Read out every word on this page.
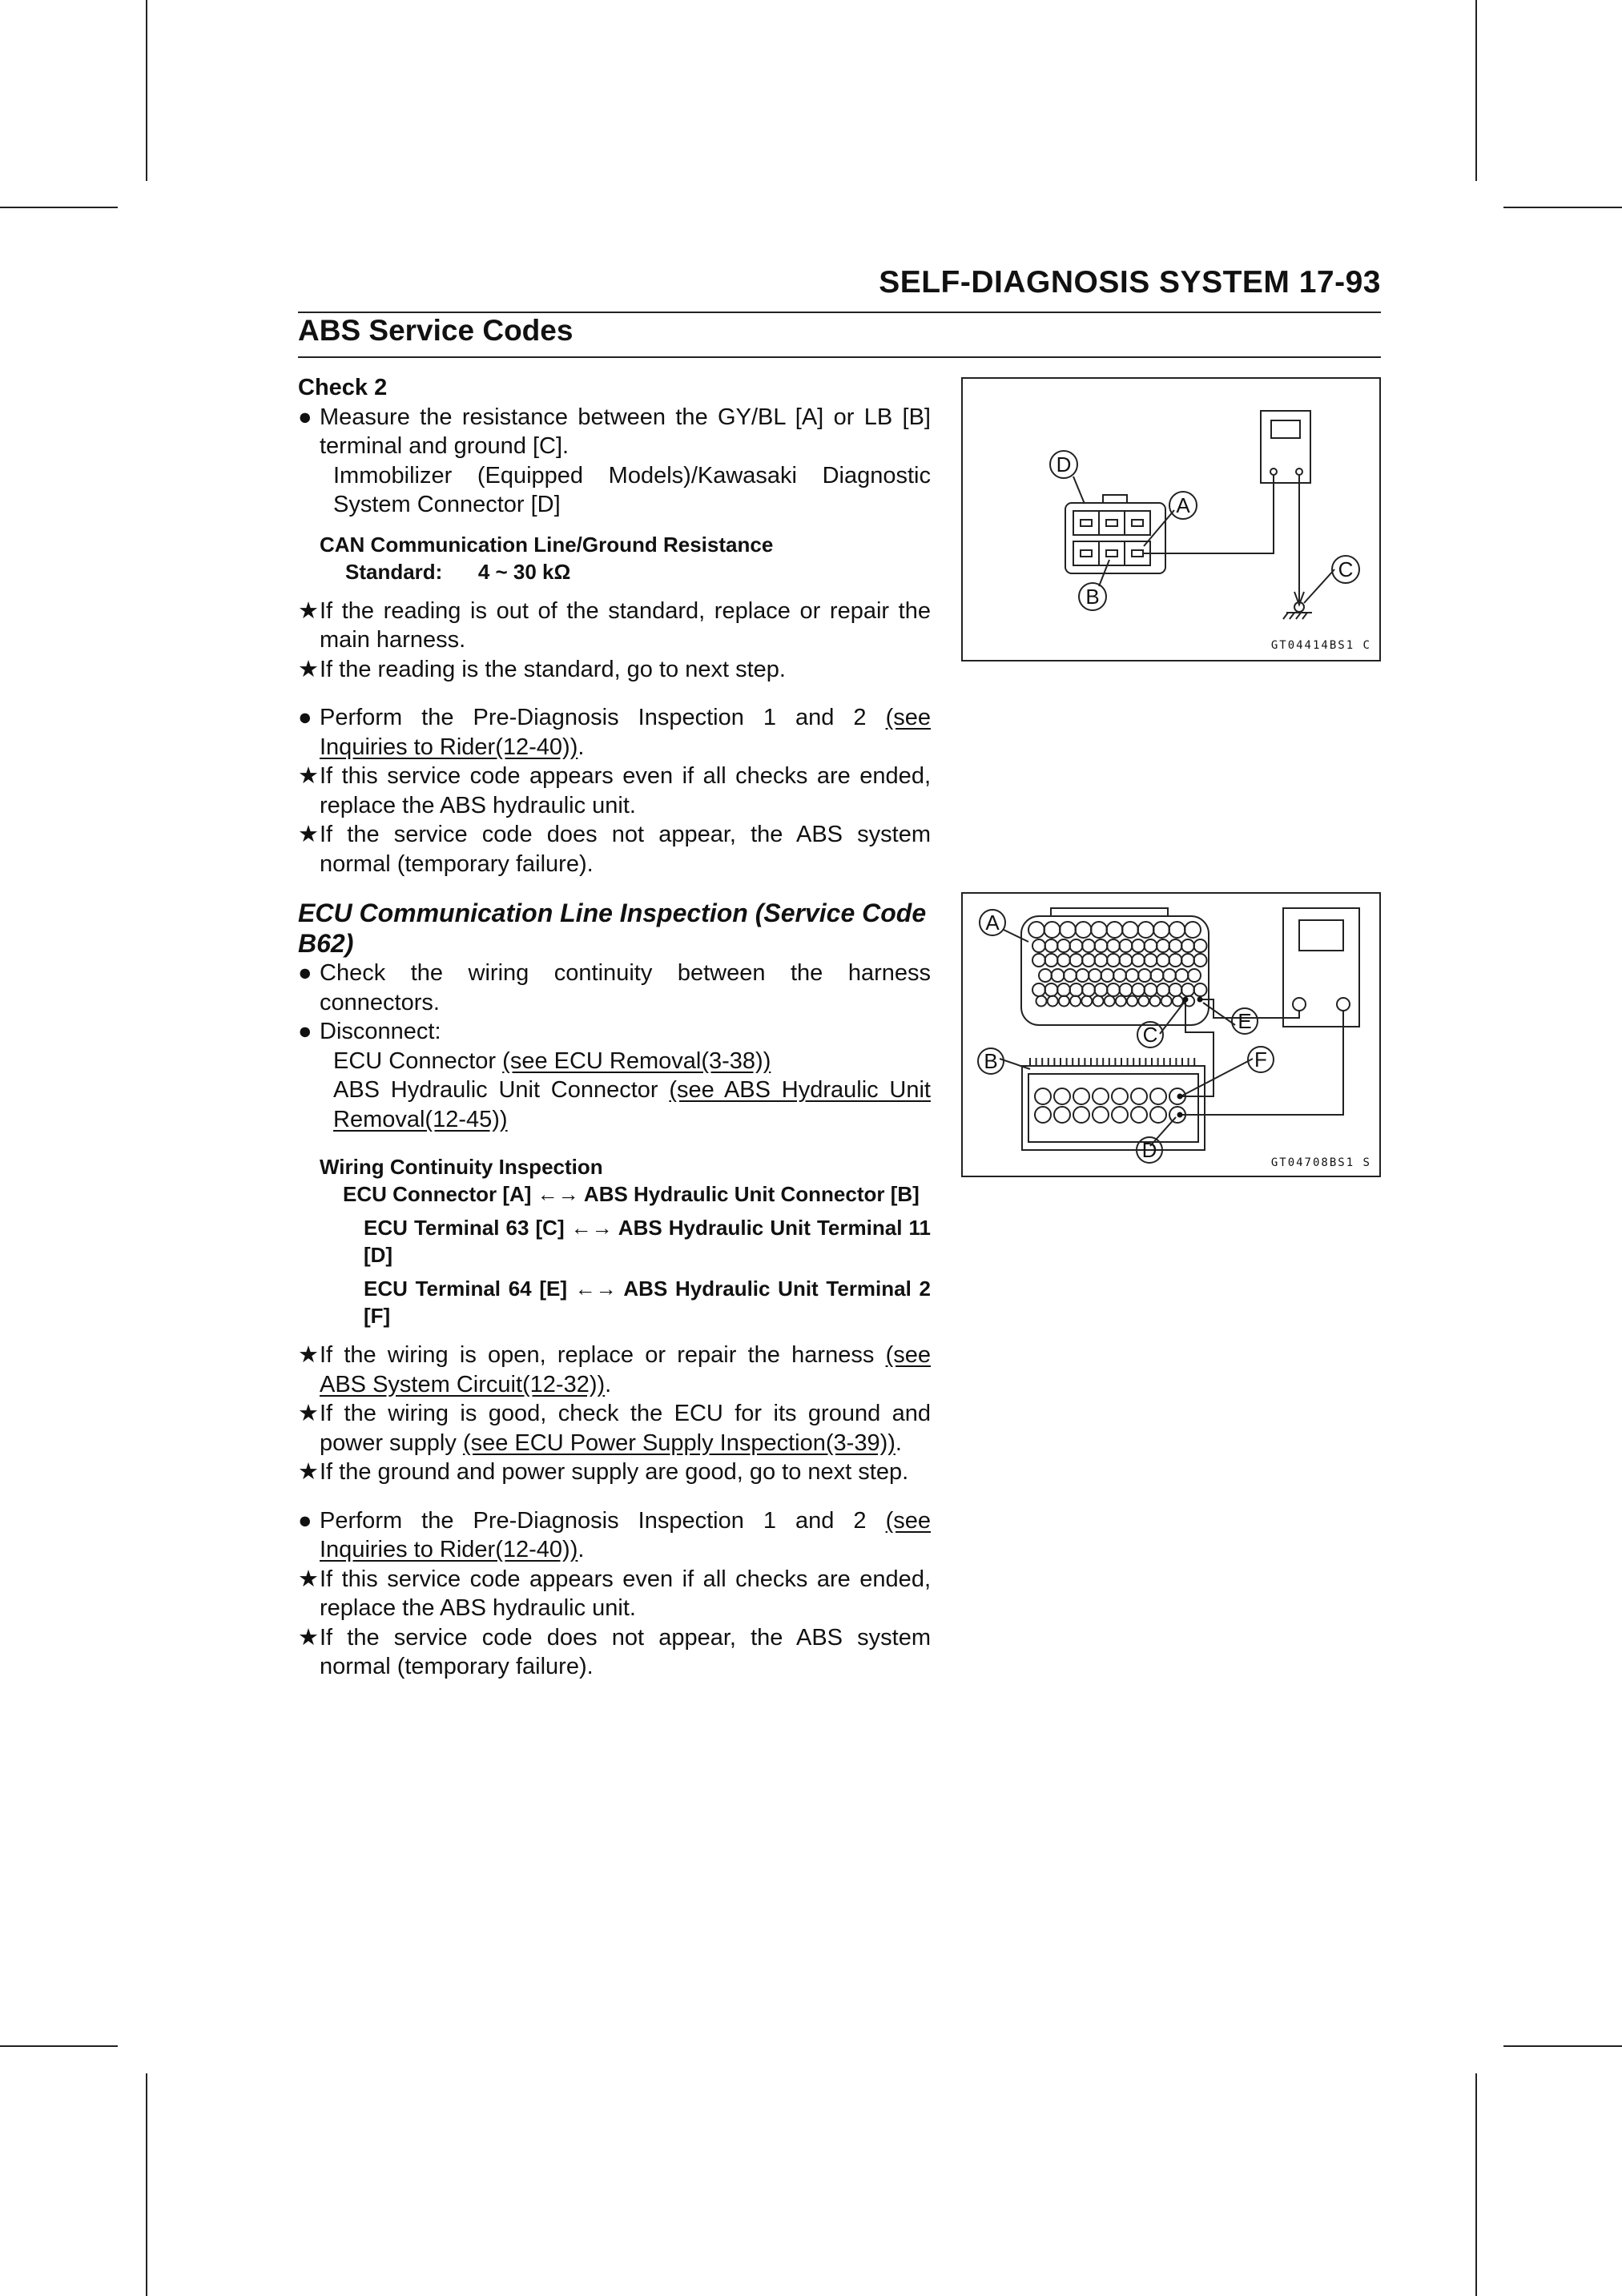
SELF-DIAGNOSIS SYSTEM 17-93
ABS Service Codes
Check 2
● Measure the resistance between the GY/BL [A] or LB [B] terminal and ground [C].
Immobilizer (Equipped Models)/Kawasaki Diagnostic System Connector [D]
CAN Communication Line/Ground Resistance
Standard: 4 ~ 30 kΩ
★ If the reading is out of the standard, replace or repair the main harness.
★ If the reading is the standard, go to next step.
● Perform the Pre-Diagnosis Inspection 1 and 2 (see Inquiries to Rider(12-40)).
★ If this service code appears even if all checks are ended, replace the ABS hydraulic unit.
★ If the service code does not appear, the ABS system normal (temporary failure).
ECU Communication Line Inspection (Service Code B62)
● Check the wiring continuity between the harness connectors.
● Disconnect:
ECU Connector (see ECU Removal(3-38))
ABS Hydraulic Unit Connector (see ABS Hydraulic Unit Removal(12-45))
Wiring Continuity Inspection
ECU Connector [A] ←→ ABS Hydraulic Unit Connector [B]
ECU Terminal 63 [C] ←→ ABS Hydraulic Unit Terminal 11 [D]
ECU Terminal 64 [E] ←→ ABS Hydraulic Unit Terminal 2 [F]
★ If the wiring is open, replace or repair the harness (see ABS System Circuit(12-32)).
★ If the wiring is good, check the ECU for its ground and power supply (see ECU Power Supply Inspection(3-39)).
★ If the ground and power supply are good, go to next step.
● Perform the Pre-Diagnosis Inspection 1 and 2 (see Inquiries to Rider(12-40)).
★ If this service code appears even if all checks are ended, replace the ABS hydraulic unit.
★ If the service code does not appear, the ABS system normal (temporary failure).
D
A
B
C
GT04414BS1 C
A
B
C
E
F
D
GT04708BS1 S
